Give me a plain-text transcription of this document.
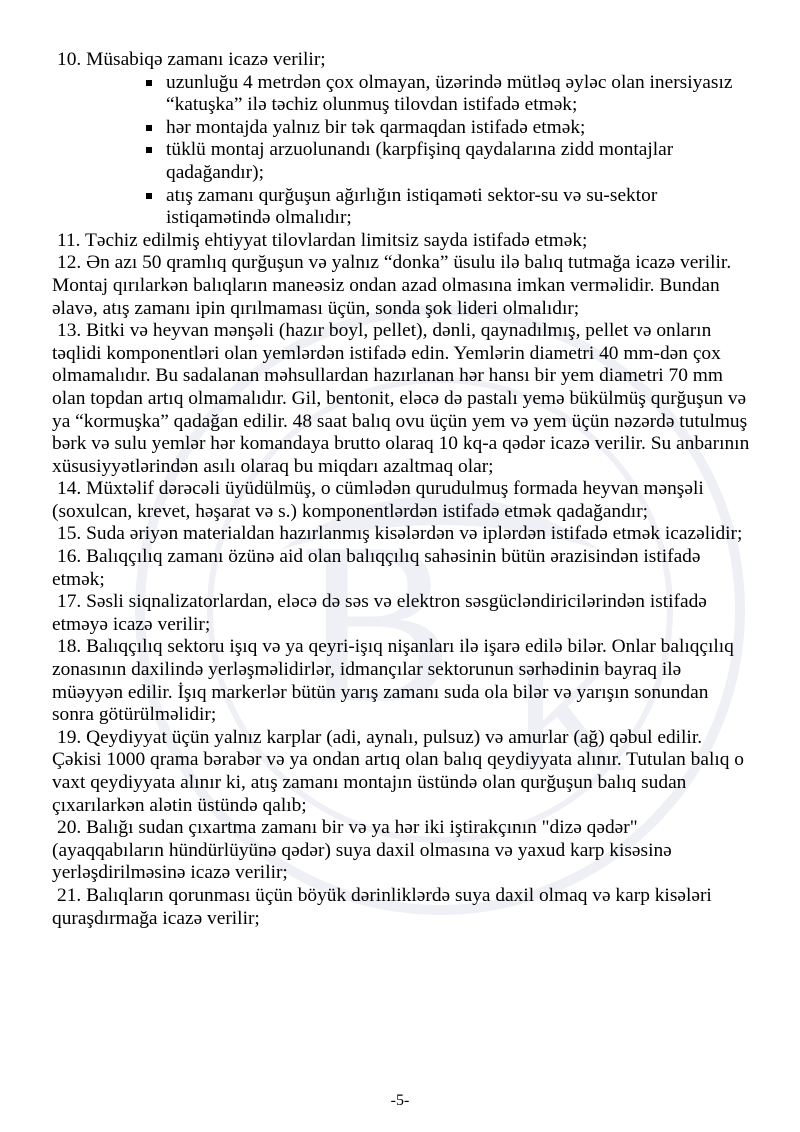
B K

10. Müsabiqə zamanı icazə verilir;

uzunluğu 4 metrdən çox olmayan, üzərində mütləq əyləc olan inersiyasız “katuşka” ilə təchiz olunmuş tilovdan istifadə etmək;
hər montajda yalnız bir tək qarmaqdan istifadə etmək;
tüklü montaj arzuolunandı (karpfişinq qaydalarına zidd montajlar qadağandır);
atış zamanı qurğuşun ağırlığın istiqaməti sektor-su və su-sektor istiqamətində olmalıdır;

11. Təchiz edilmiş ehtiyyat tilovlardan limitsiz sayda istifadə etmək;

12. Ən azı 50 qramlıq qurğuşun və yalnız “donka” üsulu ilə balıq tutmağa icazə verilir. Montaj qırılarkən balıqların maneəsiz ondan azad olmasına imkan verməlidir. Bundan əlavə, atış zamanı ipin qırılmaması üçün, sonda şok lideri olmalıdır;

13. Bitki və heyvan mənşəli (hazır boyl, pellet), dənli, qaynadılmış, pellet və onların təqlidi komponentləri olan yemlərdən istifadə edin. Yemlərin diametri 40 mm-dən çox olmamalıdır. Bu sadalanan məhsullardan hazırlanan hər hansı bir yem diametri 70 mm olan topdan artıq olmamalıdır. Gil, bentonit, eləcə də pastalı yemə bükülmüş qurğuşun və ya “kormuşka” qadağan edilir. 48 saat balıq ovu üçün yem və yem üçün nəzərdə tutulmuş bərk və sulu yemlər hər komandaya brutto olaraq 10 kq-a qədər icazə verilir. Su anbarının xüsusiyyətlərindən asılı olaraq bu miqdarı azaltmaq olar;

14. Müxtəlif dərəcəli üyüdülmüş, o cümlədən qurudulmuş formada heyvan mənşəli (soxulcan, krevet, həşarat və s.) komponentlərdən istifadə etmək qadağandır;

15. Suda əriyən materialdan hazırlanmış kisələrdən və iplərdən istifadə etmək icazəlidir;

16. Balıqçılıq zamanı özünə aid olan balıqçılıq sahəsinin bütün ərazisindən istifadə etmək;

17. Səsli siqnalizatorlardan, eləcə də səs və elektron səsgücləndiricilərindən istifadə etməyə icazə verilir;

18. Balıqçılıq sektoru işıq və ya qeyri-işıq nişanları ilə işarə edilə bilər. Onlar balıqçılıq zonasının daxilində yerləşməlidirlər, idmançılar sektorunun sərhədinin bayraq ilə müəyyən edilir. İşıq markerlər bütün yarış zamanı suda ola bilər və yarışın sonundan sonra götürülməlidir;

19. Qeydiyyat üçün yalnız karplar (adi, aynalı, pulsuz) və amurlar (ağ) qəbul edilir. Çəkisi 1000 qrama bərabər və ya ondan artıq olan balıq qeydiyyata alınır. Tutulan balıq o vaxt qeydiyyata alınır ki, atış zamanı montajın üstündə olan qurğuşun balıq sudan çıxarılarkən alətin üstündə qalıb;

20. Balığı sudan çıxartma zamanı bir və ya hər iki iştirakçının "dizə qədər" (ayaqqabıların hündürlüyünə qədər) suya daxil olmasına və yaxud karp kisəsinə yerləşdirilməsinə icazə verilir;

21. Balıqların qorunması üçün böyük dərinliklərdə suya daxil olmaq və karp kisələri quraşdırmağa icazə verilir;

-5-
